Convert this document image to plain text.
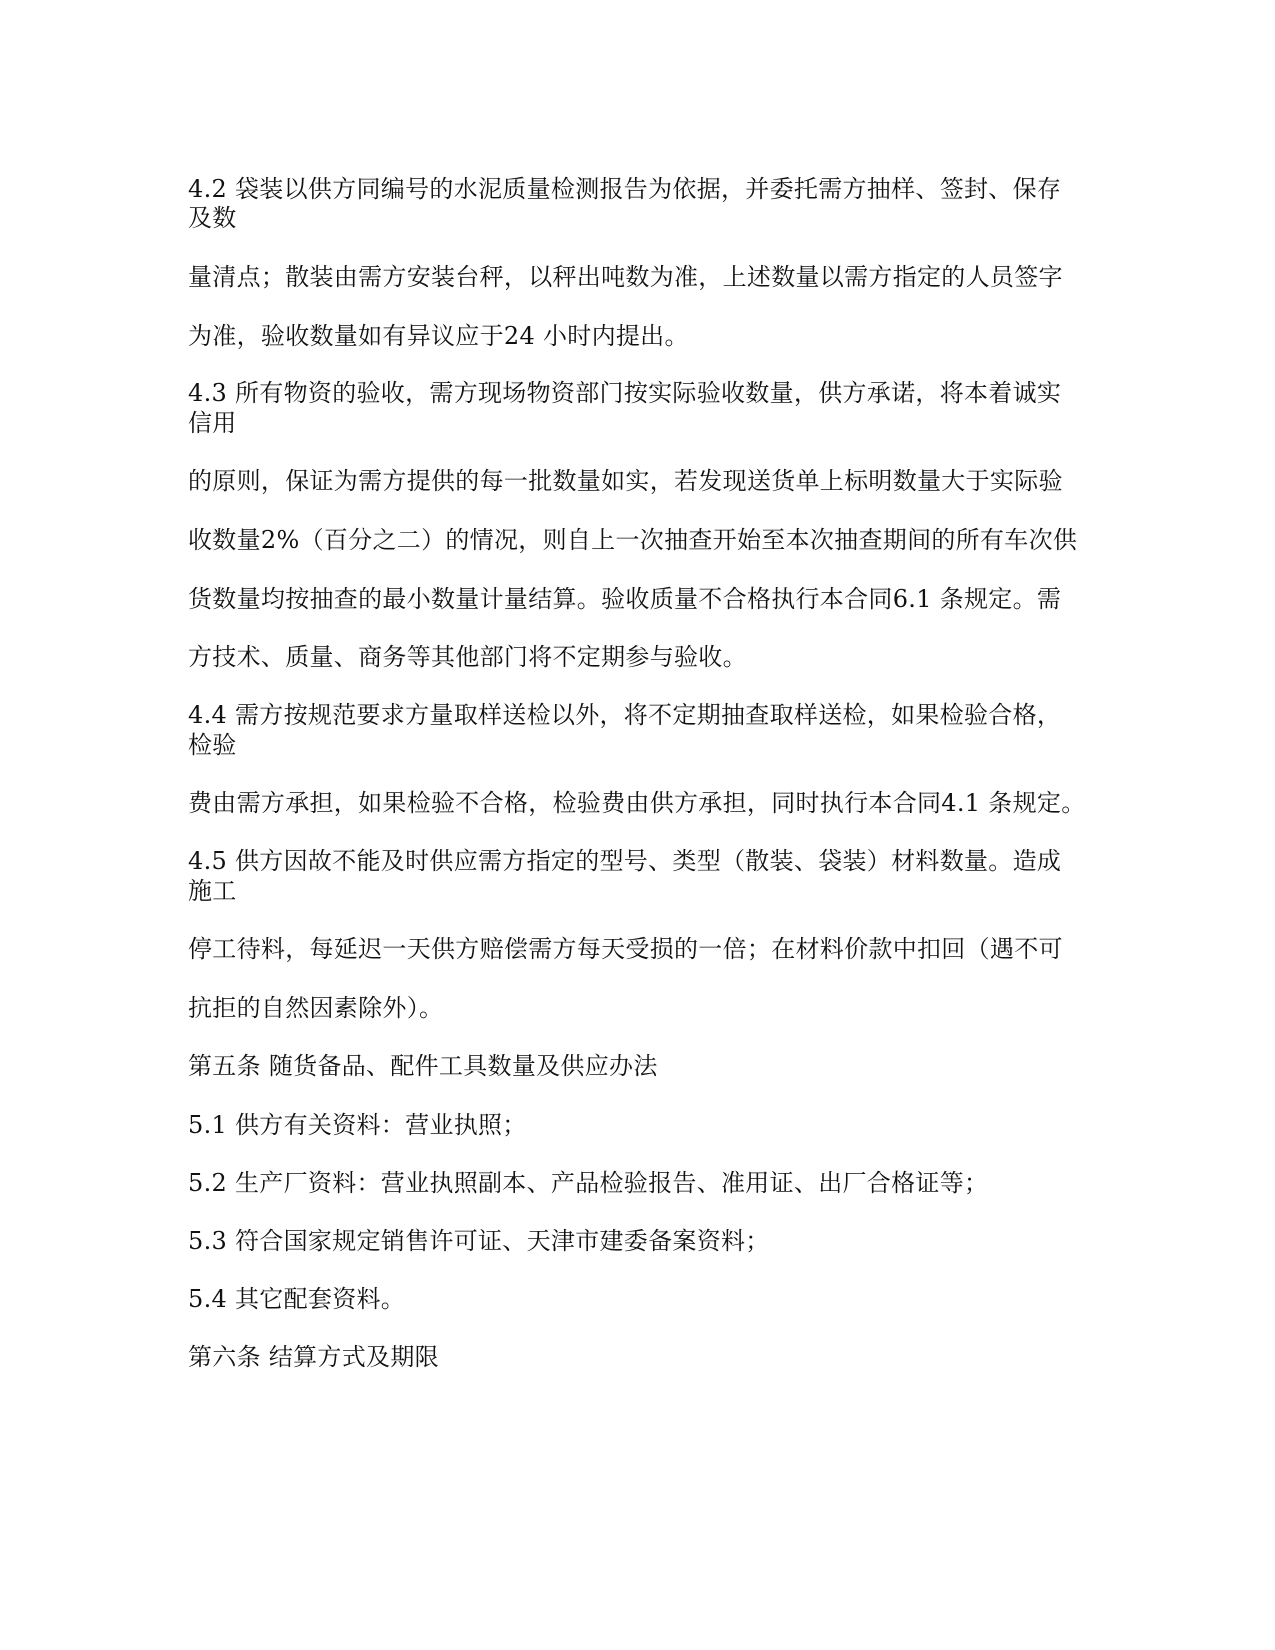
4.2 袋装以供方同编号的水泥质量检测报告为依据，并委托需方抽样、签封、保存
及数
量清点；散装由需方安装台秤，以秤出吨数为准，上述数量以需方指定的人员签字
为准，验收数量如有异议应于24 小时内提出。
4.3 所有物资的验收，需方现场物资部门按实际验收数量，供方承诺，将本着诚实
信用
的原则，保证为需方提供的每一批数量如实，若发现送货单上标明数量大于实际验
收数量2%（百分之二）的情况，则自上一次抽查开始至本次抽查期间的所有车次供
货数量均按抽查的最小数量计量结算。验收质量不合格执行本合同6.1 条规定。需
方技术、质量、商务等其他部门将不定期参与验收。
4.4 需方按规范要求方量取样送检以外，将不定期抽查取样送检，如果检验合格，
检验
费由需方承担，如果检验不合格，检验费由供方承担，同时执行本合同4.1 条规定。
4.5 供方因故不能及时供应需方指定的型号、类型（散装、袋装）材料数量。造成
施工
停工待料，每延迟一天供方赔偿需方每天受损的一倍；在材料价款中扣回（遇不可
抗拒的自然因素除外）。
第五条 随货备品、配件工具数量及供应办法
5.1 供方有关资料：营业执照；
5.2 生产厂资料：营业执照副本、产品检验报告、准用证、出厂合格证等；
5.3 符合国家规定销售许可证、天津市建委备案资料；
5.4 其它配套资料。
第六条 结算方式及期限
